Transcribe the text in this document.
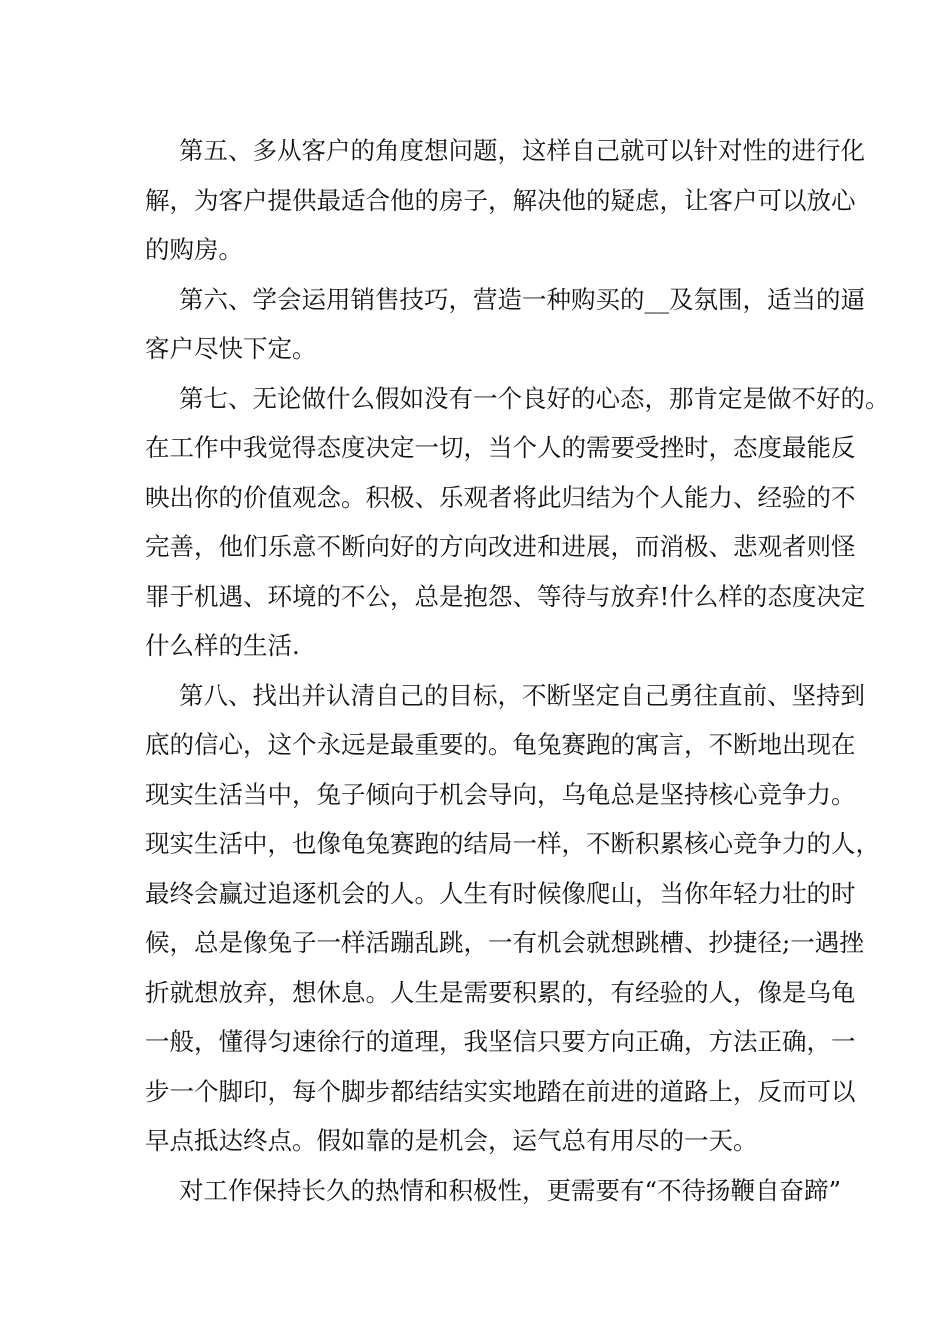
第五、多从客户的角度想问题，这样自己就可以针对性的进行化
解，为客户提供最适合他的房子，解决他的疑虑，让客户可以放心
的购房。
第六、学会运用销售技巧，营造一种购买的__及氛围，适当的逼
客户尽快下定。
第七、无论做什么假如没有一个良好的心态，那肯定是做不好的。
在工作中我觉得态度决定一切，当个人的需要受挫时，态度最能反
映出你的价值观念。积极、乐观者将此归结为个人能力、经验的不
完善，他们乐意不断向好的方向改进和进展，而消极、悲观者则怪
罪于机遇、环境的不公，总是抱怨、等待与放弃!什么样的态度决定
什么样的生活.
第八、找出并认清自己的目标，不断坚定自己勇往直前、坚持到
底的信心，这个永远是最重要的。龟兔赛跑的寓言，不断地出现在
现实生活当中，兔子倾向于机会导向，乌龟总是坚持核心竞争力。
现实生活中，也像龟兔赛跑的结局一样，不断积累核心竞争力的人，
最终会赢过追逐机会的人。人生有时候像爬山，当你年轻力壮的时
候，总是像兔子一样活蹦乱跳，一有机会就想跳槽、抄捷径;一遇挫
折就想放弃，想休息。人生是需要积累的，有经验的人，像是乌龟
一般，懂得匀速徐行的道理，我坚信只要方向正确，方法正确，一
步一个脚印，每个脚步都结结实实地踏在前进的道路上，反而可以
早点抵达终点。假如靠的是机会，运气总有用尽的一天。
对工作保持长久的热情和积极性，更需要有“不待扬鞭自奋蹄”
